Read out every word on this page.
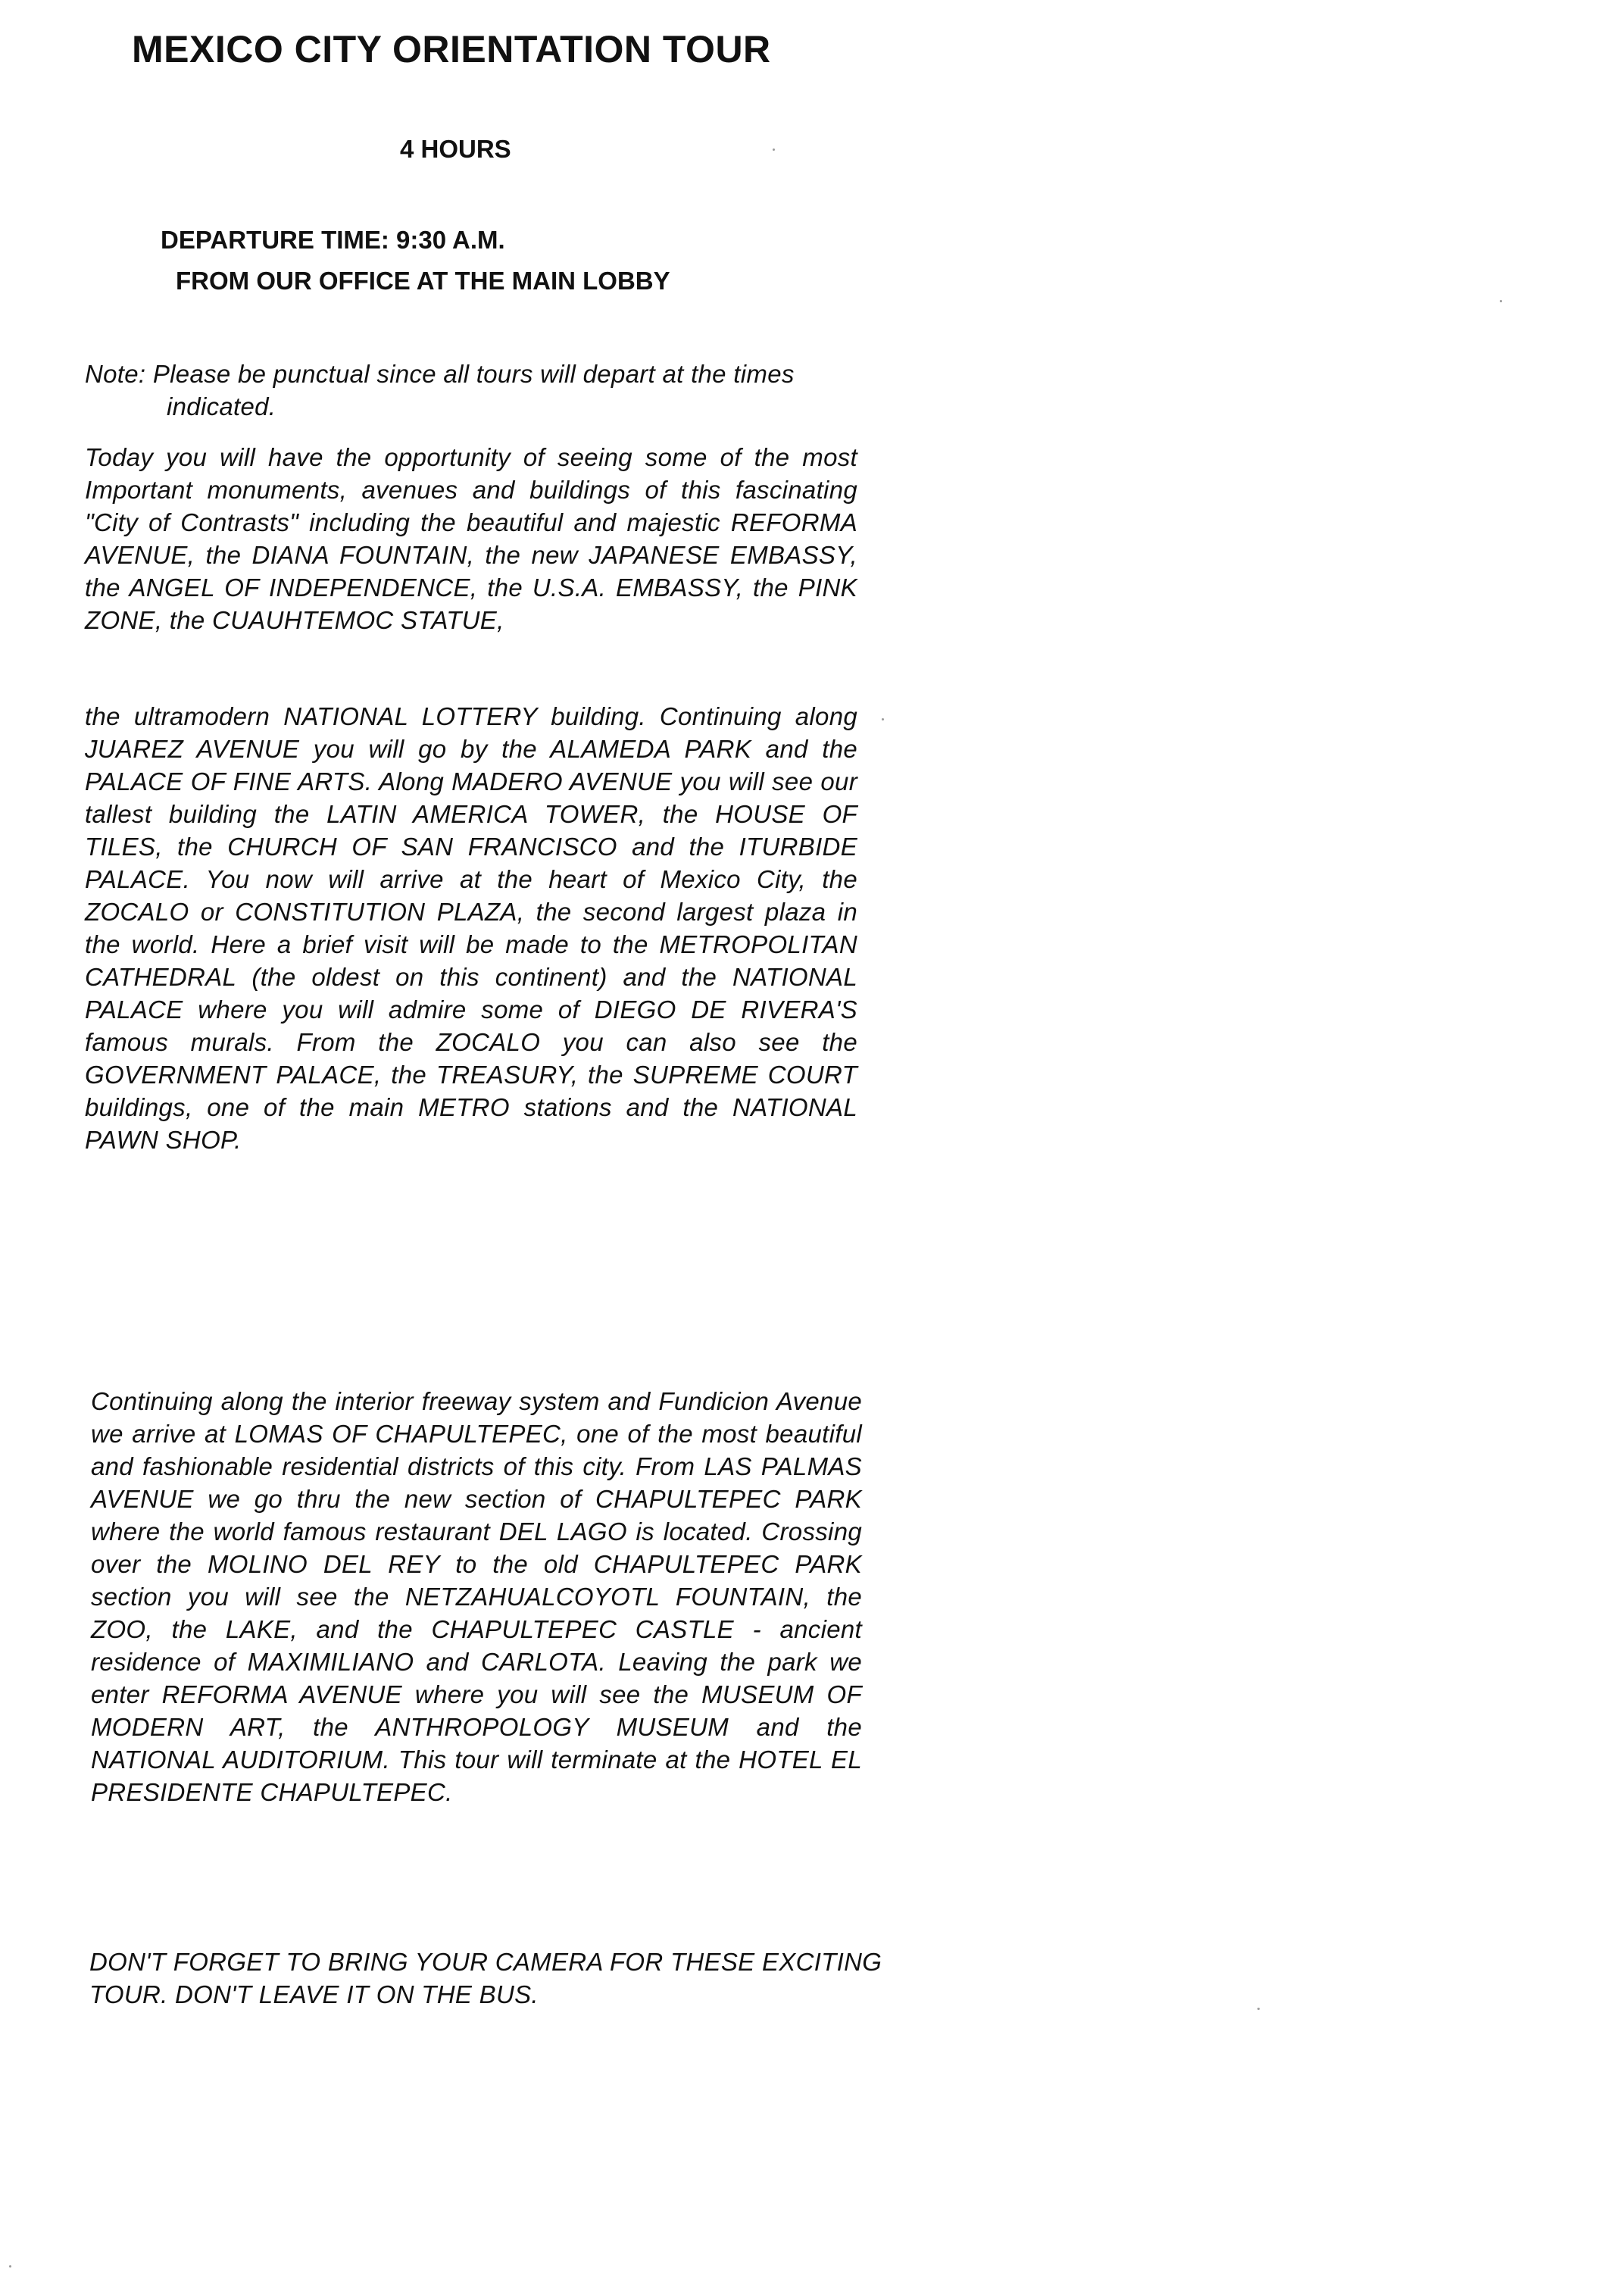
MEXICO CITY ORIENTATION TOUR
4 HOURS
DEPARTURE TIME: 9:30 A.M.
FROM OUR OFFICE AT THE MAIN LOBBY

Note: Please be punctual since all tours will depart at the times indicated.

Today you will have the opportunity of seeing some of the most Important monuments, avenues and buildings of this fascinating "City of Contrasts" including the beautiful and majestic REFORMA AVENUE, the DIANA FOUNTAIN, the new JAPANESE EMBASSY, the ANGEL OF INDEPENDENCE, the U.S.A. EMBASSY, the PINK ZONE, the CUAUHTEMOC STATUE,

the ultramodern NATIONAL LOTTERY building. Continuing along JUAREZ AVENUE you will go by the ALAMEDA PARK and the PALACE OF FINE ARTS. Along MADERO AVENUE you will see our tallest building the LATIN AMERICA TOWER, the HOUSE OF TILES, the CHURCH OF SAN FRANCISCO and the ITURBIDE PALACE. You now will arrive at the heart of Mexico City, the ZOCALO or CONSTITUTION PLAZA, the second largest plaza in the world. Here a brief visit will be made to the METROPOLITAN CATHEDRAL (the oldest on this continent) and the NATIONAL PALACE where you will admire some of DIEGO DE RIVERA'S famous murals. From the ZOCALO you can also see the GOVERNMENT PALACE, the TREASURY, the SUPREME COURT buildings, one of the main METRO stations and the NATIONAL PAWN SHOP.

Continuing along the interior freeway system and Fundicion Avenue we arrive at LOMAS OF CHAPULTEPEC, one of the most beautiful and fashionable residential districts of this city. From LAS PALMAS AVENUE we go thru the new section of CHAPULTEPEC PARK where the world famous restaurant DEL LAGO is located. Crossing over the MOLINO DEL REY to the old CHAPULTEPEC PARK section you will see the NETZAHUALCOYOTL FOUNTAIN, the ZOO, the LAKE, and the CHAPULTEPEC CASTLE - ancient residence of MAXIMILIANO and CARLOTA. Leaving the park we enter REFORMA AVENUE where you will see the MUSEUM OF MODERN ART, the ANTHROPOLOGY MUSEUM and the NATIONAL AUDITORIUM. This tour will terminate at the HOTEL EL PRESIDENTE CHAPULTEPEC.

DON'T FORGET TO BRING YOUR CAMERA FOR THESE EXCITING TOUR. DON'T LEAVE IT ON THE BUS.
